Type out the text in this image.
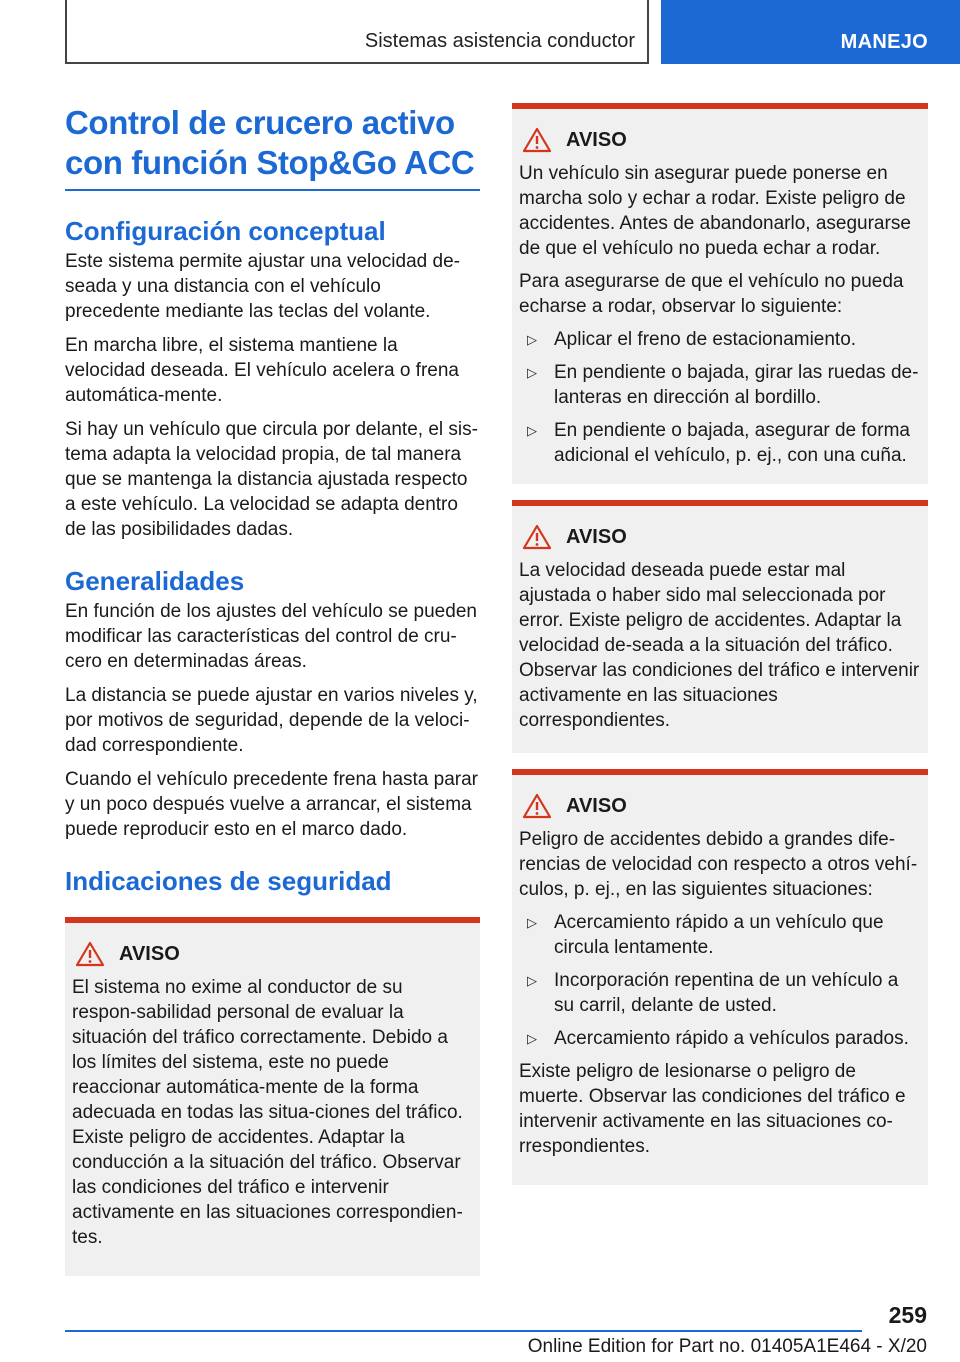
Sistemas asistencia conductor	MANEJO
Control de crucero activo con función Stop&Go ACC
Configuración conceptual

Este sistema permite ajustar una velocidad de-seada y una distancia con el vehículo precedente mediante las teclas del volante.

En marcha libre, el sistema mantiene la velocidad deseada. El vehículo acelera o frena automática-mente.

Si hay un vehículo que circula por delante, el sis-tema adapta la velocidad propia, de tal manera que se mantenga la distancia ajustada respecto a este vehículo. La velocidad se adapta dentro de las posibilidades dadas.

Generalidades

En función de los ajustes del vehículo se pueden modificar las características del control de cru-cero en determinadas áreas.

La distancia se puede ajustar en varios niveles y, por motivos de seguridad, depende de la veloci-dad correspondiente.

Cuando el vehículo precedente frena hasta parar y un poco después vuelve a arrancar, el sistema puede reproducir esto en el marco dado.

Indicaciones de seguridad
AVISO

El sistema no exime al conductor de su respon-sabilidad personal de evaluar la situación del tráfico correctamente. Debido a los límites del sistema, este no puede reaccionar automática-mente de la forma adecuada en todas las situa-ciones del tráfico. Existe peligro de accidentes. Adaptar la conducción a la situación del tráfico. Observar las condiciones del tráfico e intervenir activamente en las situaciones correspondien-tes.

AVISO

Un vehículo sin asegurar puede ponerse en marcha solo y echar a rodar. Existe peligro de accidentes. Antes de abandonarlo, asegurarse de que el vehículo no pueda echar a rodar.

Para asegurarse de que el vehículo no pueda echarse a rodar, observar lo siguiente:

▷ Aplicar el freno de estacionamiento.
▷ En pendiente o bajada, girar las ruedas de-lanteras en dirección al bordillo.
▷ En pendiente o bajada, asegurar de forma adicional el vehículo, p. ej., con una cuña.
AVISO

La velocidad deseada puede estar mal ajustada o haber sido mal seleccionada por error. Existe peligro de accidentes. Adaptar la velocidad de-seada a la situación del tráfico. Observar las condiciones del tráfico e intervenir activamente en las situaciones correspondientes.

AVISO

Peligro de accidentes debido a grandes dife-rencias de velocidad con respecto a otros vehí-culos, p. ej., en las siguientes situaciones:

▷ Acercamiento rápido a un vehículo que circula lentamente.
▷ Incorporación repentina de un vehículo a su carril, delante de usted.
▷ Acercamiento rápido a vehículos parados.

Existe peligro de lesionarse o peligro de muerte. Observar las condiciones del tráfico e intervenir activamente en las situaciones co-rrespondientes.

259
Online Edition for Part no. 01405A1E464 - X/20
